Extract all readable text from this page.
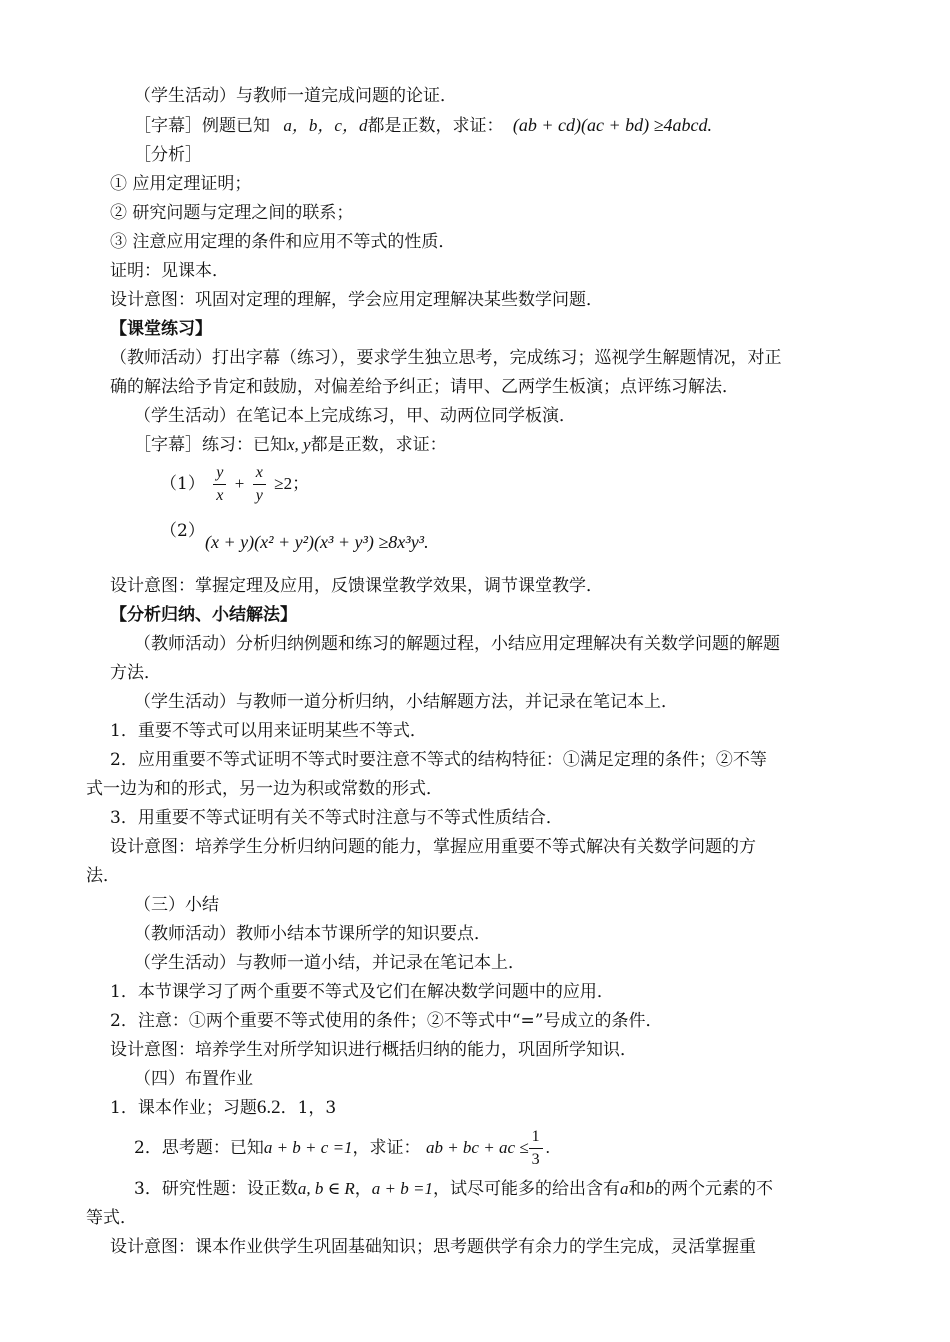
（学生活动）与教师一道完成问题的论证．
［字幕］例题已知 a，b，c，d都是正数，求证： (ab + cd)(ac + bd) ≥4abcd.
［分析］
① 应用定理证明；
② 研究问题与定理之间的联系；
③ 注意应用定理的条件和应用不等式的性质．
证明：见课本．
设计意图：巩固对定理的理解，学会应用定理解决某些数学问题．
【课堂练习】
（教师活动）打出字幕（练习），要求学生独立思考，完成练习；巡视学生解题情况，对正
确的解法给予肯定和鼓励，对偏差给予纠正；请甲、乙两学生板演；点评练习解法．
（学生活动）在笔记本上完成练习，甲、动两位同学板演．
［字幕］练习：已知x, y都是正数，求证：
$(1) \frac{y}{x} + \frac{x}{y} \ge 2$；
（2）
(x + y)(x² + y²)(x³ + y³) ≥8x³y³.
设计意图：掌握定理及应用，反馈课堂教学效果，调节课堂教学．
【分析归纳、小结解法】
（教师活动）分析归纳例题和练习的解题过程，小结应用定理解决有关数学问题的解题
方法．
（学生活动）与教师一道分析归纳，小结解题方法，并记录在笔记本上．
1．重要不等式可以用来证明某些不等式．
2．应用重要不等式证明不等式时要注意不等式的结构特征：①满足定理的条件；②不等
式一边为和的形式，另一边为积或常数的形式．
3．用重要不等式证明有关不等式时注意与不等式性质结合．
设计意图：培养学生分析归纳问题的能力，掌握应用重要不等式解决有关数学问题的方
法．
（三）小结
（教师活动）教师小结本节课所学的知识要点．
（学生活动）与教师一道小结，并记录在笔记本上．
1．本节课学习了两个重要不等式及它们在解决数学问题中的应用．
2．注意：①两个重要不等式使用的条件；②不等式中“=”号成立的条件．
设计意图：培养学生对所学知识进行概括归纳的能力，巩固所学知识．
（四）布置作业
1．课本作业；习题6.2．1，3
2．思考题：已知a + b + c =1，求证： ab + bc + ac ≤ $\frac{1}{3}$ .
3．研究性题：设正数a, b ∈ R，a + b =1，试尽可能多的给出含有a和b的两个元素的不
等式．
设计意图：课本作业供学生巩固基础知识；思考题供学有余力的学生完成，灵活掌握重
